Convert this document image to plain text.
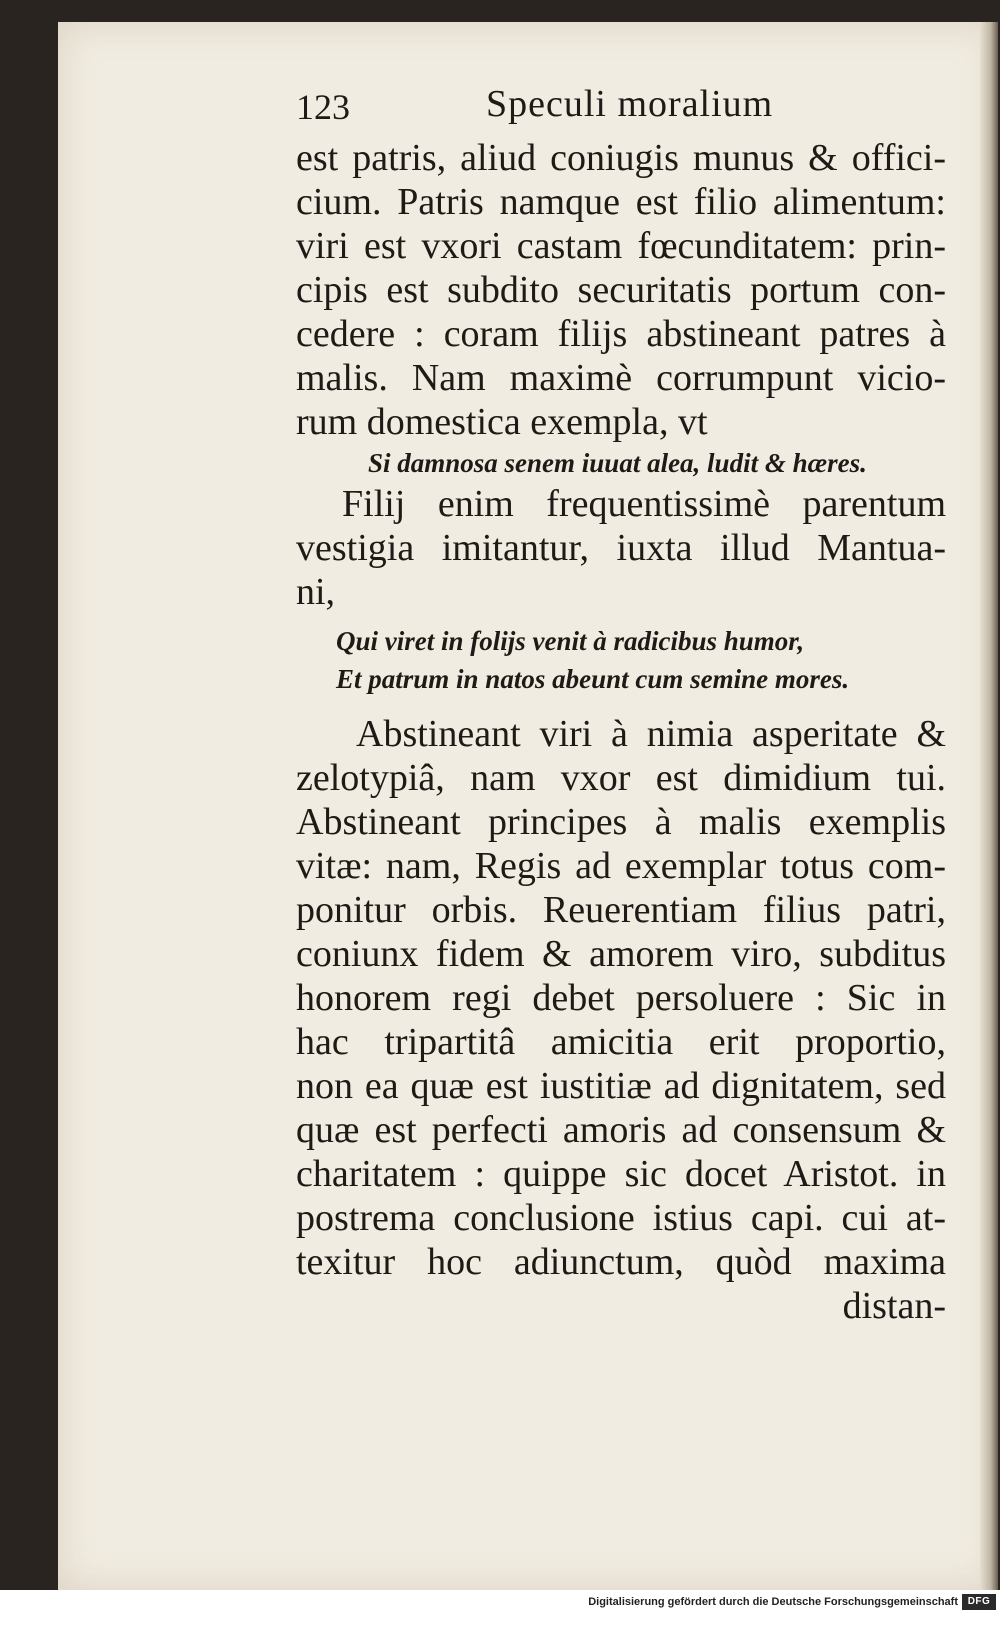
123	Speculi moralium
est patris, aliud coniugis munus & offici-
cium. Patris namque est filio alimentum:
viri est vxori castam fœcunditatem: prin-
cipis est subdito securitatis portum con-
cedere : coram filijs abstineant patres à
malis. Nam maximè corrumpunt vicio-
rum domestica exempla, vt
Si damnosa senem iuuat alea, ludit & hæres.
Filij enim frequentissimè parentum
vestigia imitantur, iuxta illud Mantua-
ni,
Qui viret in folijs venit à radicibus humor,
Et patrum in natos abeunt cum semine mores.
Abstineant viri à nimia asperitate &
zelotypiâ, nam vxor est dimidium tui.
Abstineant principes à malis exemplis
vitæ: nam, Regis ad exemplar totus com-
ponitur orbis. Reuerentiam filius patri,
coniunx fidem & amorem viro, subditus
honorem regi debet persoluere : Sic in
hac tripartitâ amicitia erit proportio,
non ea quæ est iustitiæ ad dignitatem, sed
quæ est perfecti amoris ad consensum &
charitatem : quippe sic docet Aristot. in
postrema conclusione istius capi. cui at-
texitur hoc adiunctum, quòd maxima
distan-
Digitalisierung gefördert durch die Deutsche Forschungsgemeinschaft DFG
